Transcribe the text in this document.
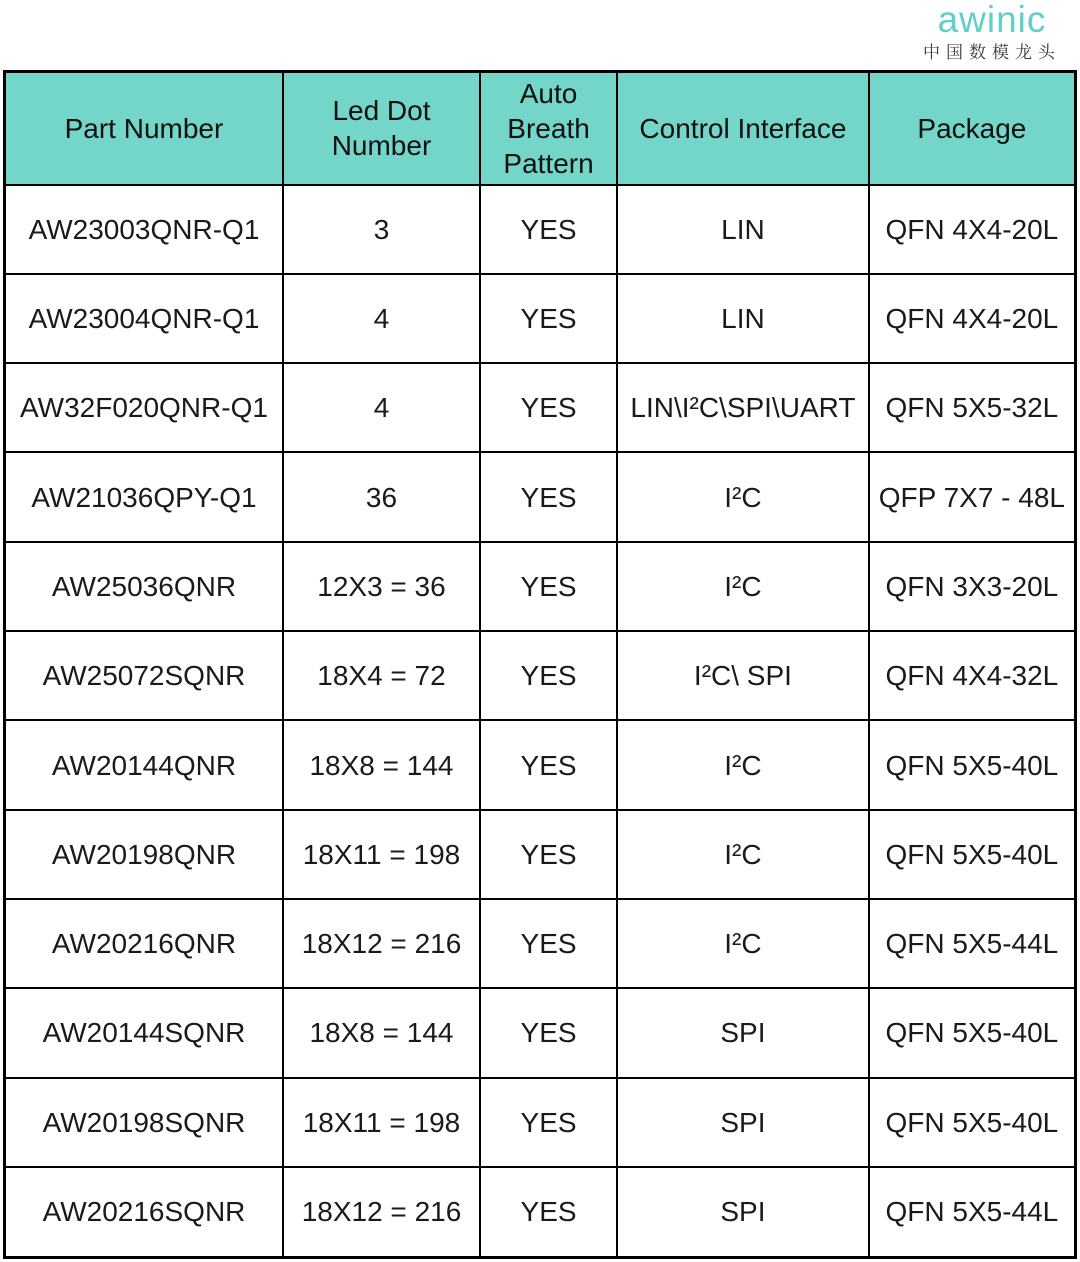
awinic
中国数模龙头
Part Number	Led Dot Number	Auto Breath Pattern	Control Interface	Package
AW23003QNR-Q1	3	YES	LIN	QFN 4X4-20L
AW23004QNR-Q1	4	YES	LIN	QFN 4X4-20L
AW32F020QNR-Q1	4	YES	LIN\I²C\SPI\UART	QFN 5X5-32L
AW21036QPY-Q1	36	YES	I²C	QFP 7X7 - 48L
AW25036QNR	12X3 = 36	YES	I²C	QFN 3X3-20L
AW25072SQNR	18X4 = 72	YES	I²C\ SPI	QFN 4X4-32L
AW20144QNR	18X8 = 144	YES	I²C	QFN 5X5-40L
AW20198QNR	18X11 = 198	YES	I²C	QFN 5X5-40L
AW20216QNR	18X12 = 216	YES	I²C	QFN 5X5-44L
AW20144SQNR	18X8 = 144	YES	SPI	QFN 5X5-40L
AW20198SQNR	18X11 = 198	YES	SPI	QFN 5X5-40L
AW20216SQNR	18X12 = 216	YES	SPI	QFN 5X5-44L
